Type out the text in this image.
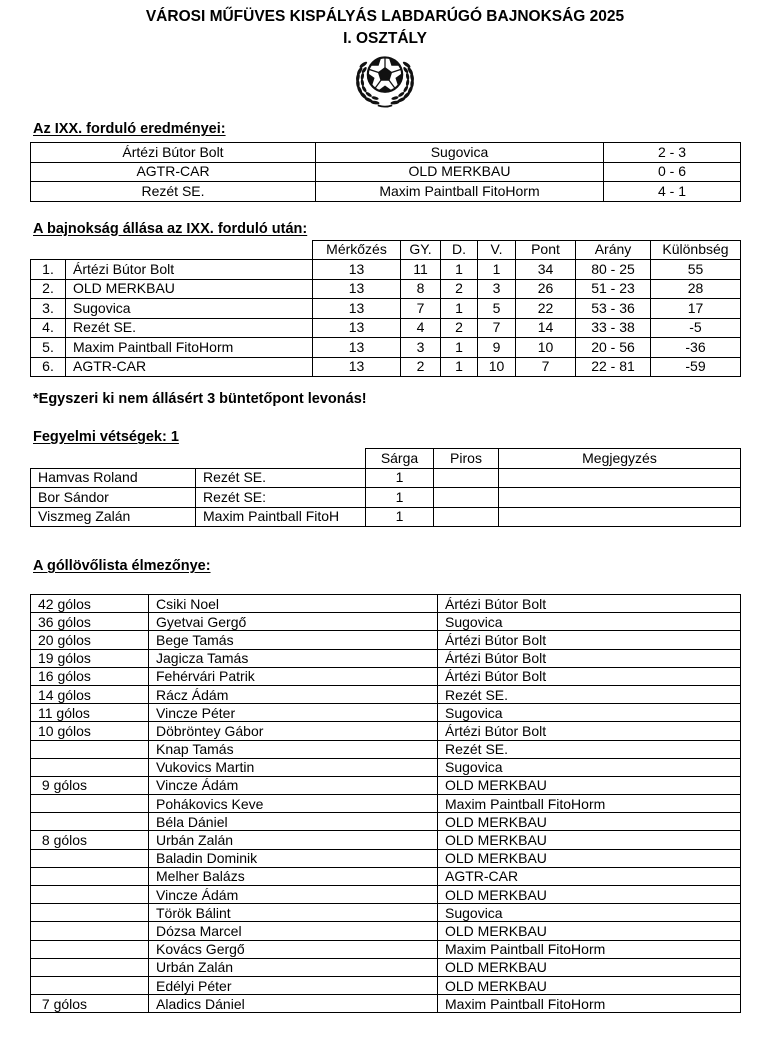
VÁROSI MŰFÜVES KISPÁLYÁS LABDARÚGÓ BAJNOKSÁG 2025
I. OSZTÁLY
Az IXX. forduló eredményei:
Ártézi Bútor Bolt	Sugovica	2 - 3
AGTR-CAR	OLD MERKBAU	0 - 6
Rezét SE.	Maxim Paintball FitoHorm	4 - 1
A bajnokság állása az IXX. forduló után:
		Mérkőzés	GY.	D.	V.	Pont	Arány	Különbség
1.	Ártézi Bútor Bolt	13	11	1	1	34	80 - 25	55
2.	OLD MERKBAU	13	8	2	3	26	51 - 23	28
3.	Sugovica	13	7	1	5	22	53 - 36	17
4.	Rezét SE.	13	4	2	7	14	33 - 38	-5
5.	Maxim Paintball FitoHorm	13	3	1	9	10	20 - 56	-36
6.	AGTR-CAR	13	2	1	10	7	22 - 81	-59
*Egyszeri ki nem állásért 3 büntetőpont levonás!
Fegyelmi vétségek: 1
		Sárga	Piros	Megjegyzés
Hamvas Roland	Rezét SE.	1		
Bor Sándor	Rezét SE:	1		
Viszmeg Zalán	Maxim Paintball FitoH	1		
A góllövőlista élmezőnye:
42 gólos	Csiki Noel	Ártézi Bútor Bolt
36 gólos	Gyetvai Gergő	Sugovica
20 gólos	Bege Tamás	Ártézi Bútor Bolt
19 gólos	Jagicza Tamás	Ártézi Bútor Bolt
16 gólos	Fehérvári Patrik	Ártézi Bútor Bolt
14 gólos	Rácz Ádám	Rezét SE.
11 gólos	Vincze Péter	Sugovica
10 gólos	Döbröntey Gábor	Ártézi Bútor Bolt
	Knap Tamás	Rezét SE.
	Vukovics Martin	Sugovica
9 gólos	Vincze Ádám	OLD MERKBAU
	Pohákovics Keve	Maxim Paintball FitoHorm
	Béla Dániel	OLD MERKBAU
8 gólos	Urbán Zalán	OLD MERKBAU
	Baladin Dominik	OLD MERKBAU
	Melher Balázs	AGTR-CAR
	Vincze Ádám	OLD MERKBAU
	Török Bálint	Sugovica
	Dózsa Marcel	OLD MERKBAU
	Kovács Gergő	Maxim Paintball FitoHorm
	Urbán Zalán	OLD MERKBAU
	Edélyi Péter	OLD MERKBAU
7 gólos	Aladics Dániel	Maxim Paintball FitoHorm
